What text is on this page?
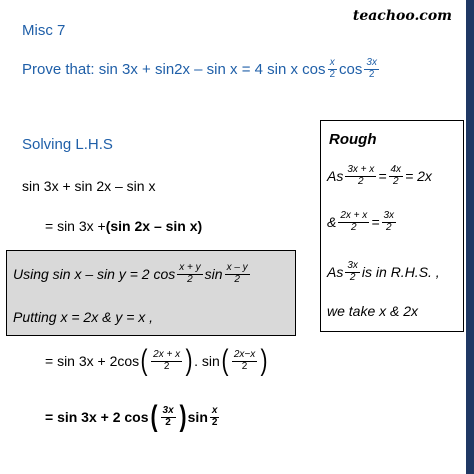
teachoo.com
Misc 7
Prove that: sin 3x + sin2x – sin x = 4 sin x $\cos \frac{x}{2}$ $\cos \frac{3x}{2}$
Solving L.H.S
sin 3x + sin 2x – sin x
= sin 3x + (sin 2x – sin x)
Rough
As $\frac{3x + x}{2} = \frac{4x}{2} = 2x$
& $\frac{2x + x}{2} = \frac{3x}{2}$
As $\frac{3x}{2}$ is in R.H.S. ,
we take x & 2x
Using sin x – sin y = 2 $\cos \frac{x + y}{2}$ $\sin \frac{x - y}{2}$
Putting x = 2x & y = x ,
= sin 3x + 2cos ( $\frac{2x + x}{2}$ ) . sin ( $\frac{2x-x}{2}$ )
= sin 3x + 2 cos ( $\frac{3x}{2}$ ) $\sin \frac{x}{2}$
